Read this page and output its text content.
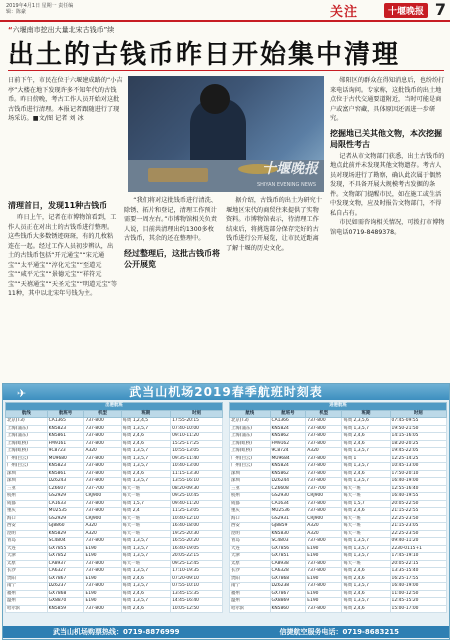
2019年4月1日 星期一 责任编辑：陈豪	关注	十堰晚报 7
“六堰南市挖出大量北宋古钱币”续
出土的古钱币昨日开始集中清理
日前下午，市民在位于六堰建成路的“小吉亭”大楼在地下发现许多不知年代的古钱币。昨日傍晚，考古工作人员开始对这批古钱币进行清理。本报记者跟随进行了现场采访。■文/图 记者 刘 冰
十堰晚报
SHIYAN EVENING NEWS

郧阳区的群众在得知消息后，也纷纷打来电话询问。专家称，这批钱币的出土地点位于古代交通要道附近，当时可能是商户或富户窖藏，具体原因还需进一步研究。

挖掘地已关其他文物，本次挖掘局限性考古

记者从市文物部门获悉，出土古钱币的地点此前并未发现其他文物遗存。考古人员对现场进行了勘察，确认此次属于偶然发现，不具备开展大规模考古发掘的条件。文物部门提醒市民，如在施工或生活中发现文物，应及时报告文物部门，不得私自占有。

市民如需咨询相关情况，可拨打市博物馆电话0719-8489378。

清理首日，发现11种古钱币

昨日上午，记者在市博物馆看到，工作人员正在对出土的古钱币进行整理。这些钱币大多数锈迹斑斑，有的几枚粘连在一起。经过工作人员初步辨认，出土的古钱币包括“开元通宝”“宋元通宝”“太平通宝”“淳化元宝”“至道元宝”“咸平元宝”“景德元宝”“祥符元宝”“天禧通宝”“天圣元宝”“明道元宝”等11种，其中以北宋年号钱为主。

“我们将对这批钱币进行清洗、除锈、拓片和登记，清理工作预计需要一周左右。”市博物馆相关负责人说，目前共清理出约1300多枚古钱币，其余的还在整理中。

经过整理后，这批古钱币将公开展览

据介绍，古钱币的出土为研究十堰地区宋代的商贸往来提供了实物资料。市博物馆表示，待清理工作结束后，将挑选部分保存完好的古钱币进行公开展览，让市民近距离了解十堰的历史文化。

✈	武当山机场2019春季航班时刻表
出港航班				
航线	航班号	机型	班期	时刻
北京(T3)	CA1365	737-800	每周 1,2,4,5	17:55-20:15
上海(浦东)	KN5823	737-800	每周 1,3,5,7	07:40-10:00
上海(浦东)	KN5861	737-800	每周 2,4,6	09:10-11:20
上海(虹桥)	FM9161	737-800	每周 2,4,6	15:25-17:25
上海(虹桥)	9C8723	A320	每周 1,3,5,7	10:55-13:05
广州(白云)	MU9680	737-800	每周 1,3,5,7	09:35-11:40
广州(白云)	KN5823	737-800	每周 1,3,5,7	10:40-13:00
深圳	KN5861	737-800	每周 2,4,6	11:15-13:30
深圳	DZ6243	737-800	每周 1,3,5,7	13:55-16:10
三亚	CZ6607	737-700	每天一班	08:20-09:30
杭州	GS2929	CRJ900	每天一班	09:25-10:45
成都	CA1633	737-800	每周 1,5,7	09:40-11:20
重庆	MU2535	737-800	每周 2,4	11:25-13:05
海口	GS2929	CRJ900	每天一班	10:40-12:10
西安	GJ8860	A320	每天一班	16:40-18:00
昆明	KN5829	A320	每天一班	19:25-20:30
青岛	SC4804	737-800	每周 1,3,5,7	16:55-20:20
大连	GX7855	E190	每周 1,3,5,7	16:40-19:05
天津	GX7852	E190	每周 1,3,5,7	20:05-22:15
太原	CA8937	737-800	每天一班	09:25-12:45
长沙	CA6327	737-800	每周 1,3,5,7	17:10-19:35
贵阳	GX7867	E190	每周 2,4,6	07:20-09:10
南宁	DZ6237	737-800	每周 1,3,5,7	07:55-10:10
福州	GX7868	E190	每周 2,4,6	13:45-15:35
温州	GX8870	E190	每周 1,3,5,7	14:45-16:40
哈尔滨	KN5859	737-800	每周 2,4,6	10:05-12:50
进港航班				
航线	航班号	机型	班期	时刻
北京(T3)	CA1366	737-800	每周 2,3,5,6	07:45-09:55
上海(浦东)	KN5824	737-800	每周 1,3,5,7	19:50-21:50
上海(浦东)	KN5862	737-800	每周 2,4,6	14:15-16:05
上海(虹桥)	FM9162	737-800	每周 2,4,6	18:20-20:25
上海(虹桥)	9C8724	A320	每周 1,3,5,7	19:45-22:05
广州(白云)	MU9684	737-800	每周 1	12:25-14:25
广州(白云)	KN5824	737-800	每周 1,3,5,7	10:45-13:00
深圳	KN5862	737-800	每周 2,4,6	17:50-20:10
深圳	DZ6244	737-800	每周 1,3,5,7	16:40-19:00
三亚	CZ6608	737-700	每天一班	12:55-16:40
杭州	GS2930	CRJ900	每天一班	16:40-19:55
成都	CA1634	737-800	每周 1,5,7	20:05-22:50
重庆	MU2536	737-800	每周 2,4,6	21:15-22:55
海口	GS2931	CRJ900	每天一班	22:25-23:50
西安	GJ8859	A320	每天一班	21:15-23:05
昆明	KN5830	A320	每天一班	22:25-23:50
青岛	SC4803	737-800	每周 1,3,5,7	09:40-11:20
大连	GX7856	E190	每周 1,3,5,7	2230-0115+1
天津	GX7851	E190	每周 1,3,5,7	17:45-19:10
太原	CA8938	737-800	每天一班	20:05-22:15
长沙	CA6328	737-800	每周 2,4,6	13:35-15:40
贵阳	GX7868	E190	每周 2,4,6	16:25-17:55
南宁	DZ6238	737-800	每周 1,3,5,7	16:40-19:00
福州	GX7867	E190	每周 2,4,6	11:00-12:50
温州	GX8869	E190	每周 1,3,5,7	12:45-15:20
哈尔滨	KN5860	737-800	每周 2,4,6	15:00-17:00
武当山机场购票热线：0719-8876999	信捷航空服务电话：0719-8683215
